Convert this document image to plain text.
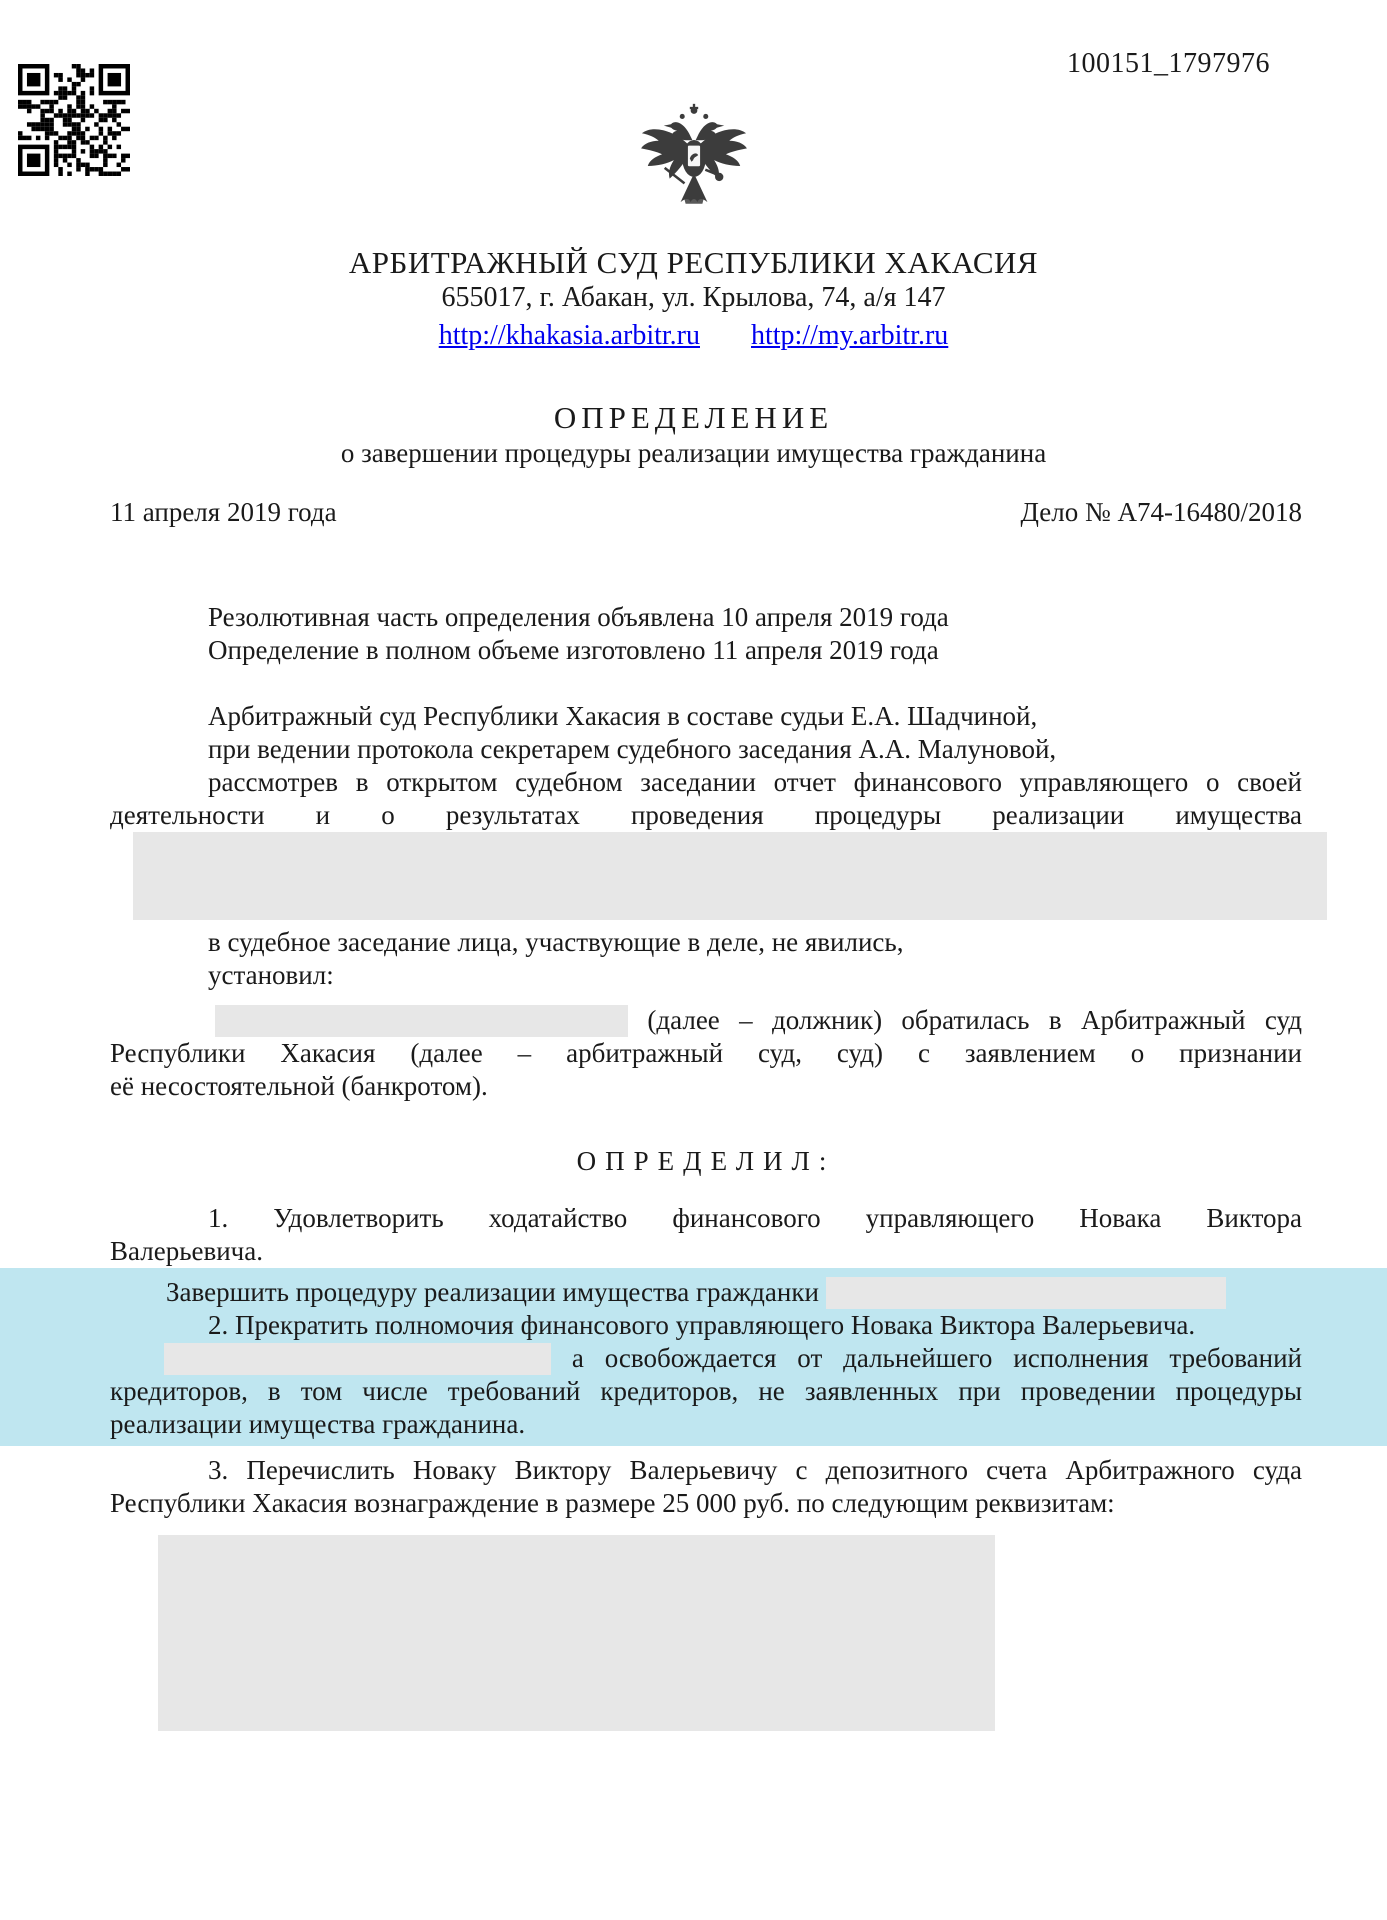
100151_1797976
АРБИТРАЖНЫЙ СУД РЕСПУБЛИКИ ХАКАСИЯ
655017, г. Абакан, ул. Крылова, 74, а/я 147
http://khakasia.arbitr.ru http://my.arbitr.ru
ОПРЕДЕЛЕНИЕ
о завершении процедуры реализации имущества гражданина
11 апреля 2019 года	Дело № А74-16480/2018
Резолютивная часть определения объявлена 10 апреля 2019 года
Определение в полном объеме изготовлено 11 апреля 2019 года
Арбитражный суд Республики Хакасия в составе судьи Е.А. Шадчиной,
при ведении протокола секретарем судебного заседания А.А. Малуновой,
рассмотрев в открытом судебном заседании отчет финансового управляющего о своей
деятельности и о результатах проведения процедуры реализации имущества
в судебное заседание лица, участвующие в деле, не явились,
установил:
(далее – должник) обратилась в Арбитражный суд
Республики Хакасия (далее – арбитражный суд, суд) с заявлением о признании
её несостоятельной (банкротом).
ОПРЕДЕЛИЛ:
1. Удовлетворить ходатайство финансового управляющего Новака Виктора
Валерьевича.
Завершить процедуру реализации имущества гражданки
2. Прекратить полномочия финансового управляющего Новака Виктора Валерьевича.
а освобождается от дальнейшего исполнения требований
кредиторов, в том числе требований кредиторов, не заявленных при проведении процедуры
реализации имущества гражданина.
3. Перечислить Новаку Виктору Валерьевичу с депозитного счета Арбитражного суда
Республики Хакасия вознаграждение в размере 25 000 руб. по следующим реквизитам:
